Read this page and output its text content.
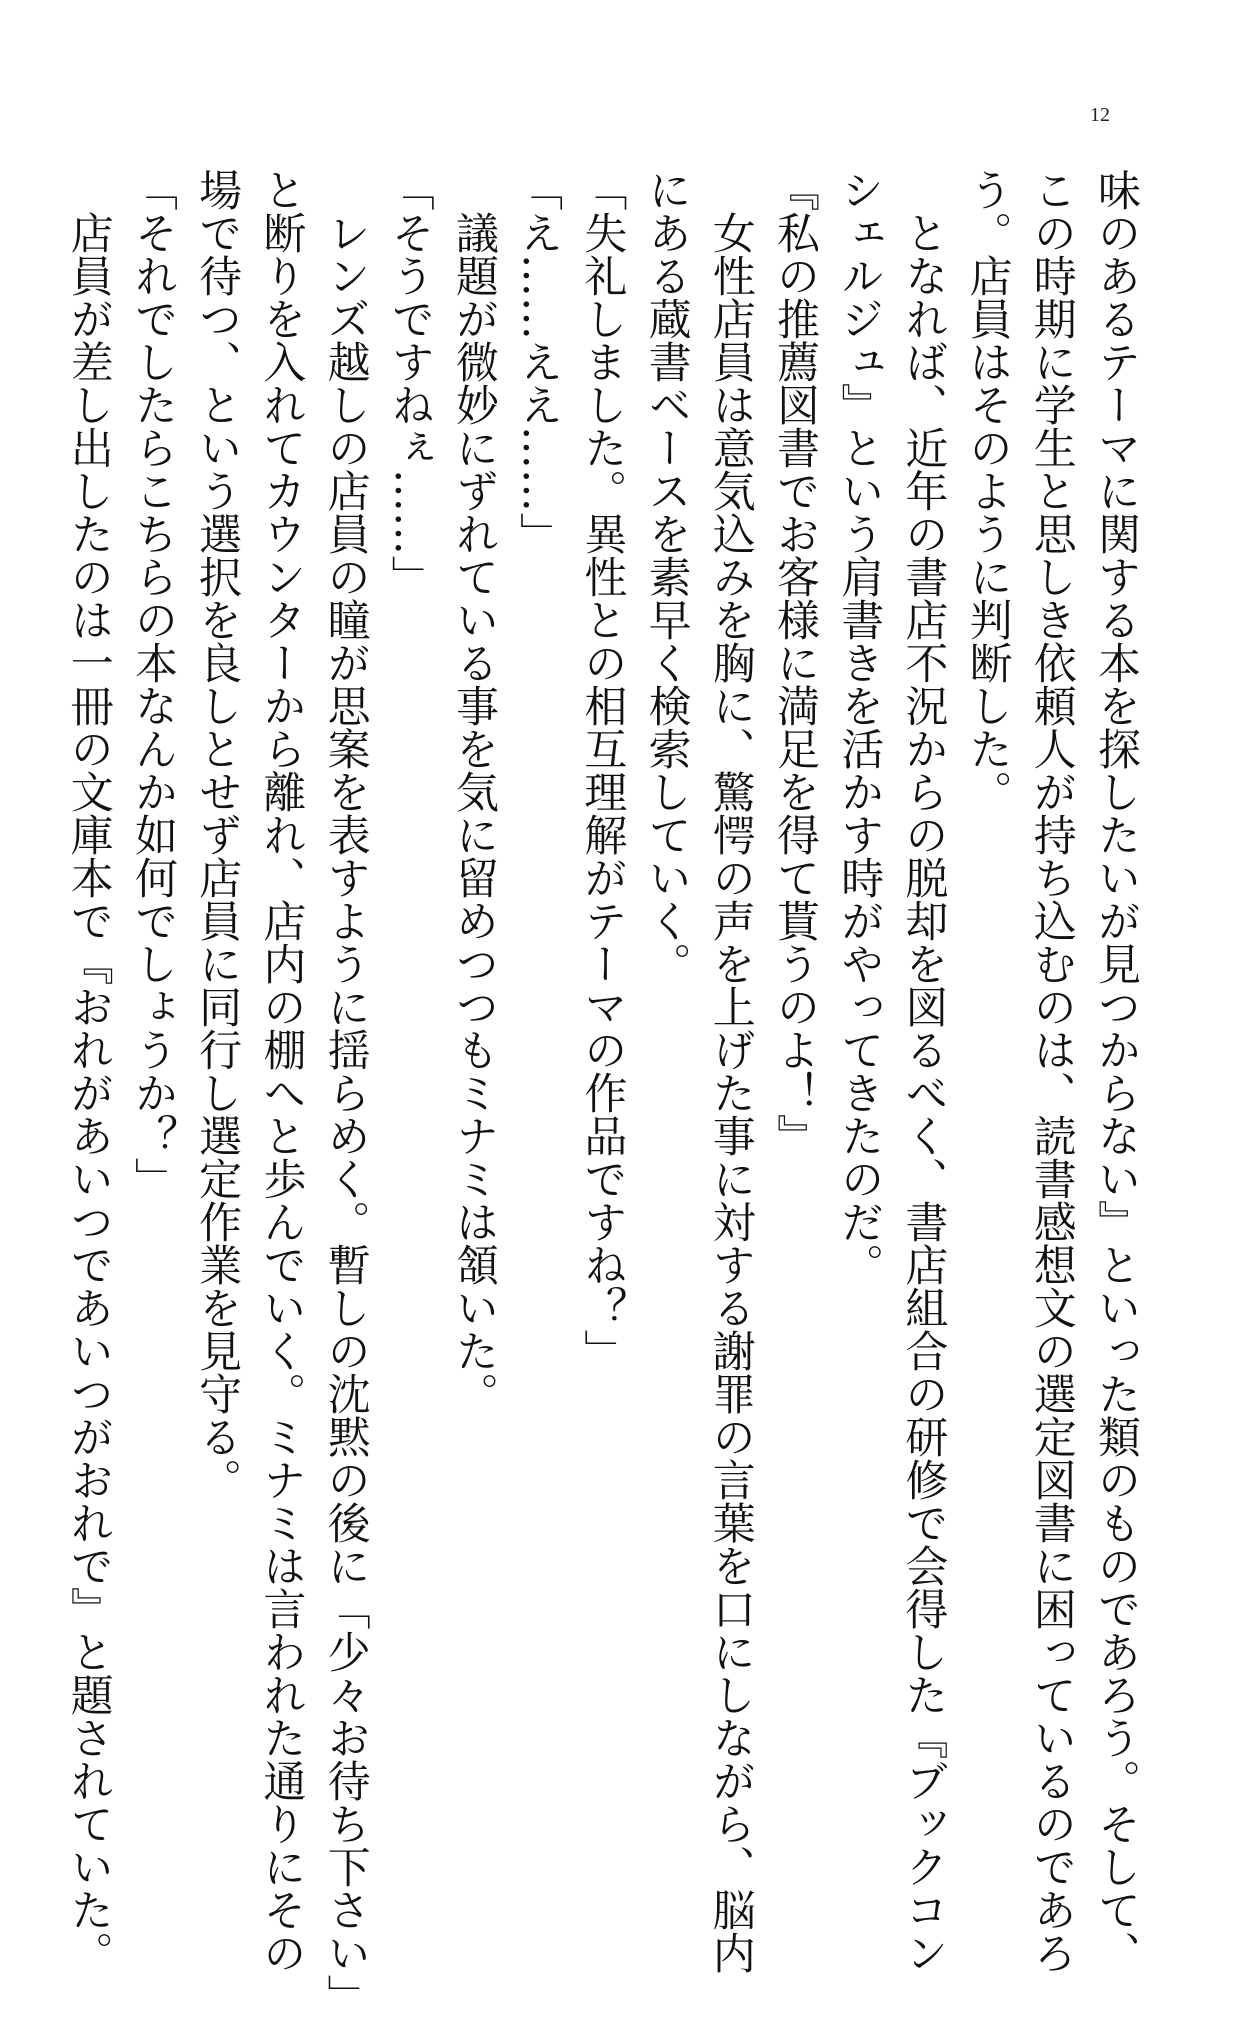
12

味のあるテーマに関する本を探したいが見つからない』といった類のものであろう。そして、

この時期に学生と思しき依頼人が持ち込むのは、読書感想文の選定図書に困っているのであろ

う。店員はそのように判断した。

　となれば、近年の書店不況からの脱却を図るべく、書店組合の研修で会得した『ブックコン

シェルジュ』という肩書きを活かす時がやってきたのだ。

『私の推薦図書でお客様に満足を得て貰うのよ！』

　女性店員は意気込みを胸に、驚愕の声を上げた事に対する謝罪の言葉を口にしながら、脳内

にある蔵書ベースを素早く検索していく。

「失礼しました。異性との相互理解がテーマの作品ですね？」

「え……ええ……」

　議題が微妙にずれている事を気に留めつつもミナミは頷いた。

「そうですねぇ……」

　レンズ越しの店員の瞳が思案を表すように揺らめく。暫しの沈黙の後に「少々お待ち下さい」

と断りを入れてカウンターから離れ、店内の棚へと歩んでいく。ミナミは言われた通りにその

場で待つ、という選択を良しとせず店員に同行し選定作業を見守る。

「それでしたらこちらの本なんか如何でしょうか？」

　店員が差し出したのは一冊の文庫本で『おれがあいつであいつがおれで』と題されていた。
